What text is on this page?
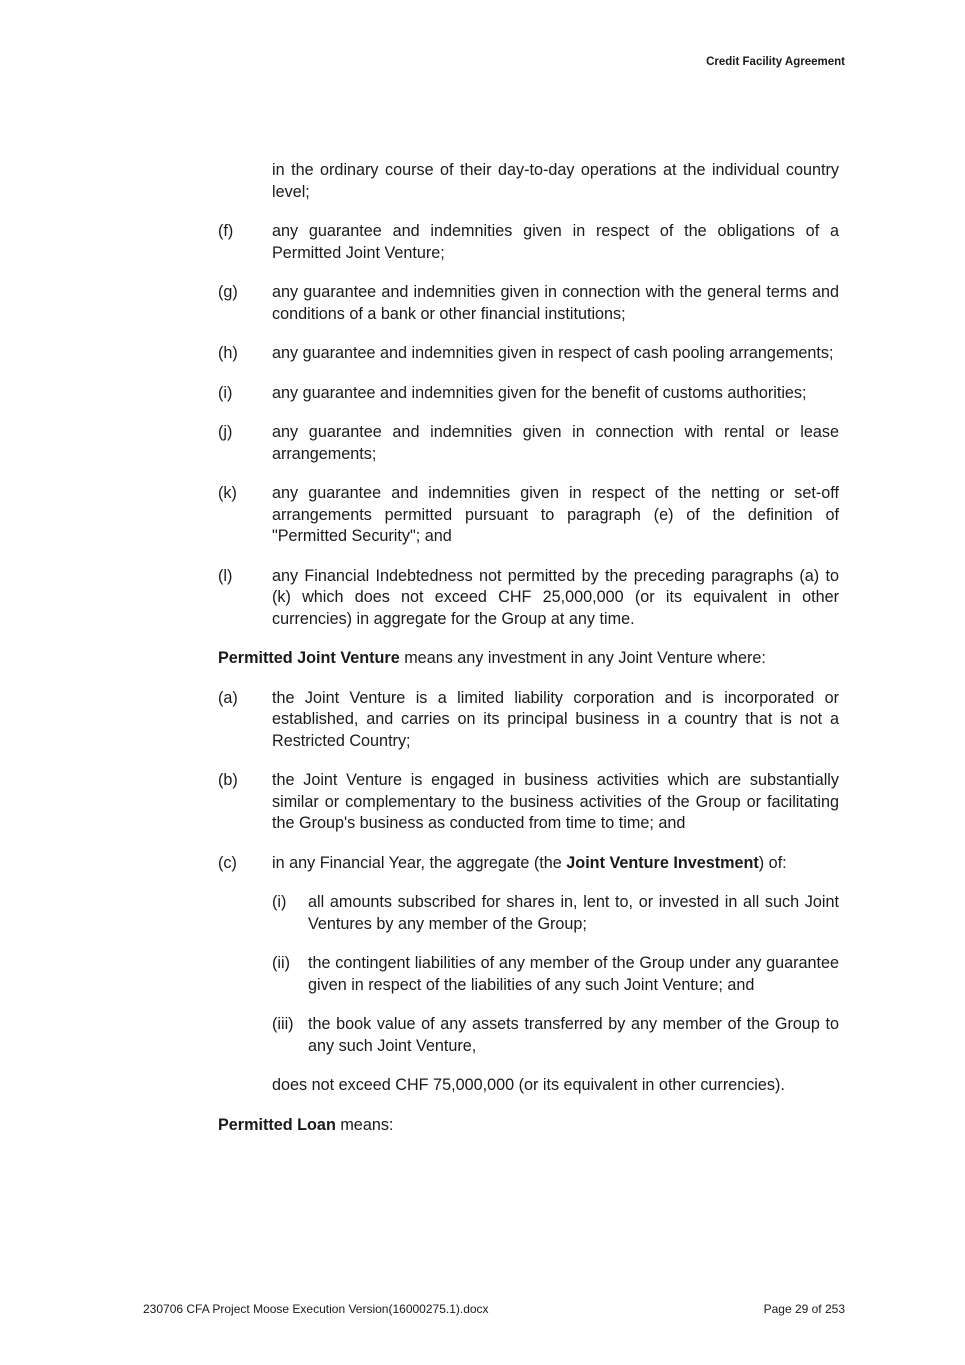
Credit Facility Agreement
in the ordinary course of their day-to-day operations at the individual country level;
(f)	any guarantee and indemnities given in respect of the obligations of a Permitted Joint Venture;
(g)	any guarantee and indemnities given in connection with the general terms and conditions of a bank or other financial institutions;
(h)	any guarantee and indemnities given in respect of cash pooling arrangements;
(i)	any guarantee and indemnities given for the benefit of customs authorities;
(j)	any guarantee and indemnities given in connection with rental or lease arrangements;
(k)	any guarantee and indemnities given in respect of the netting or set-off arrangements permitted pursuant to paragraph (e) of the definition of "Permitted Security"; and
(l)	any Financial Indebtedness not permitted by the preceding paragraphs (a) to (k) which does not exceed CHF 25,000,000 (or its equivalent in other currencies) in aggregate for the Group at any time.
Permitted Joint Venture means any investment in any Joint Venture where:
(a)	the Joint Venture is a limited liability corporation and is incorporated or established, and carries on its principal business in a country that is not a Restricted Country;
(b)	the Joint Venture is engaged in business activities which are substantially similar or complementary to the business activities of the Group or facilitating the Group's business as conducted from time to time; and
(c)	in any Financial Year, the aggregate (the Joint Venture Investment) of:
(i)	all amounts subscribed for shares in, lent to, or invested in all such Joint Ventures by any member of the Group;
(ii)	the contingent liabilities of any member of the Group under any guarantee given in respect of the liabilities of any such Joint Venture; and
(iii) the book value of any assets transferred by any member of the Group to any such Joint Venture,
does not exceed CHF 75,000,000 (or its equivalent in other currencies).
Permitted Loan means:
230706 CFA Project Moose Execution Version(16000275.1).docx	Page 29 of 253
